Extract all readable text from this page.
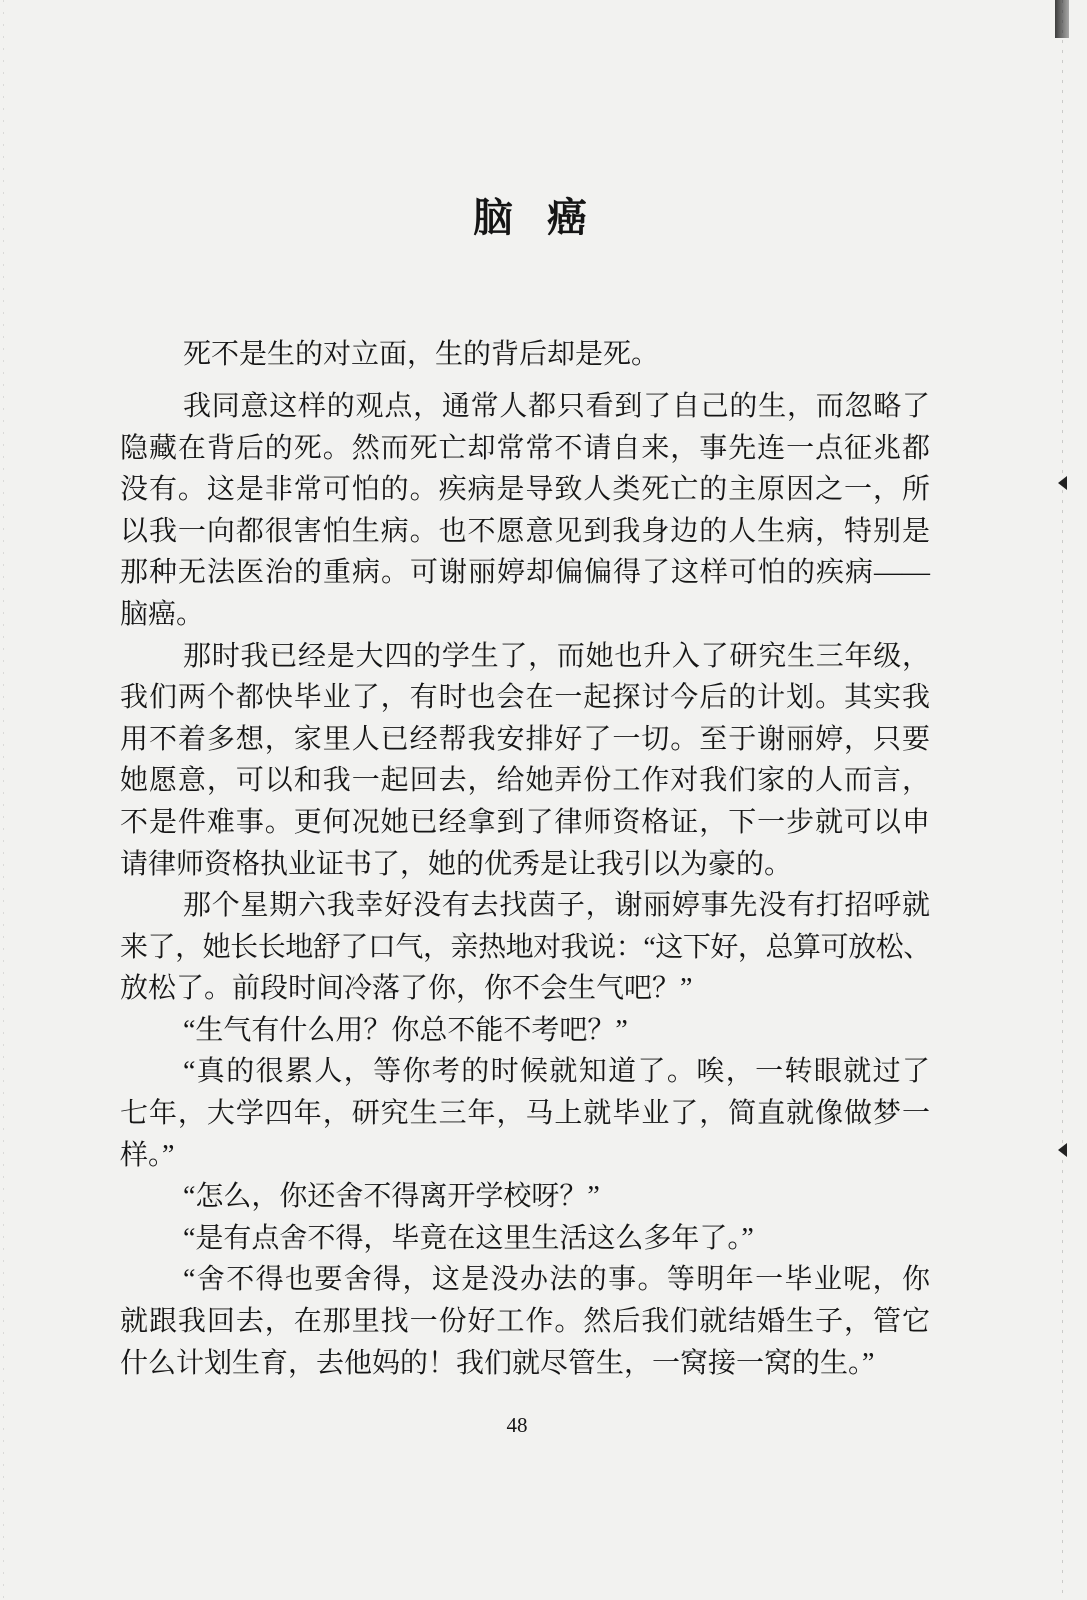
脑癌
死不是生的对立面，生的背后却是死。
我同意这样的观点，通常人都只看到了自己的生，而忽略了
隐藏在背后的死。然而死亡却常常不请自来，事先连一点征兆都
没有。这是非常可怕的。疾病是导致人类死亡的主原因之一，所
以我一向都很害怕生病。也不愿意见到我身边的人生病，特别是
那种无法医治的重病。可谢丽婷却偏偏得了这样可怕的疾病——
脑癌。
那时我已经是大四的学生了，而她也升入了研究生三年级，
我们两个都快毕业了，有时也会在一起探讨今后的计划。其实我
用不着多想，家里人已经帮我安排好了一切。至于谢丽婷，只要
她愿意，可以和我一起回去，给她弄份工作对我们家的人而言，
不是件难事。更何况她已经拿到了律师资格证，下一步就可以申
请律师资格执业证书了，她的优秀是让我引以为豪的。
那个星期六我幸好没有去找茵子，谢丽婷事先没有打招呼就
来了，她长长地舒了口气，亲热地对我说：“这下好，总算可放松、
放松了。前段时间冷落了你，你不会生气吧？”
“生气有什么用？你总不能不考吧？”
“真的很累人，等你考的时候就知道了。唉，一转眼就过了
七年，大学四年，研究生三年，马上就毕业了，简直就像做梦一
样。”
“怎么，你还舍不得离开学校呀？”
“是有点舍不得，毕竟在这里生活这么多年了。”
“舍不得也要舍得，这是没办法的事。等明年一毕业呢，你
就跟我回去，在那里找一份好工作。然后我们就结婚生子，管它
什么计划生育，去他妈的！我们就尽管生，一窝接一窝的生。”
48
